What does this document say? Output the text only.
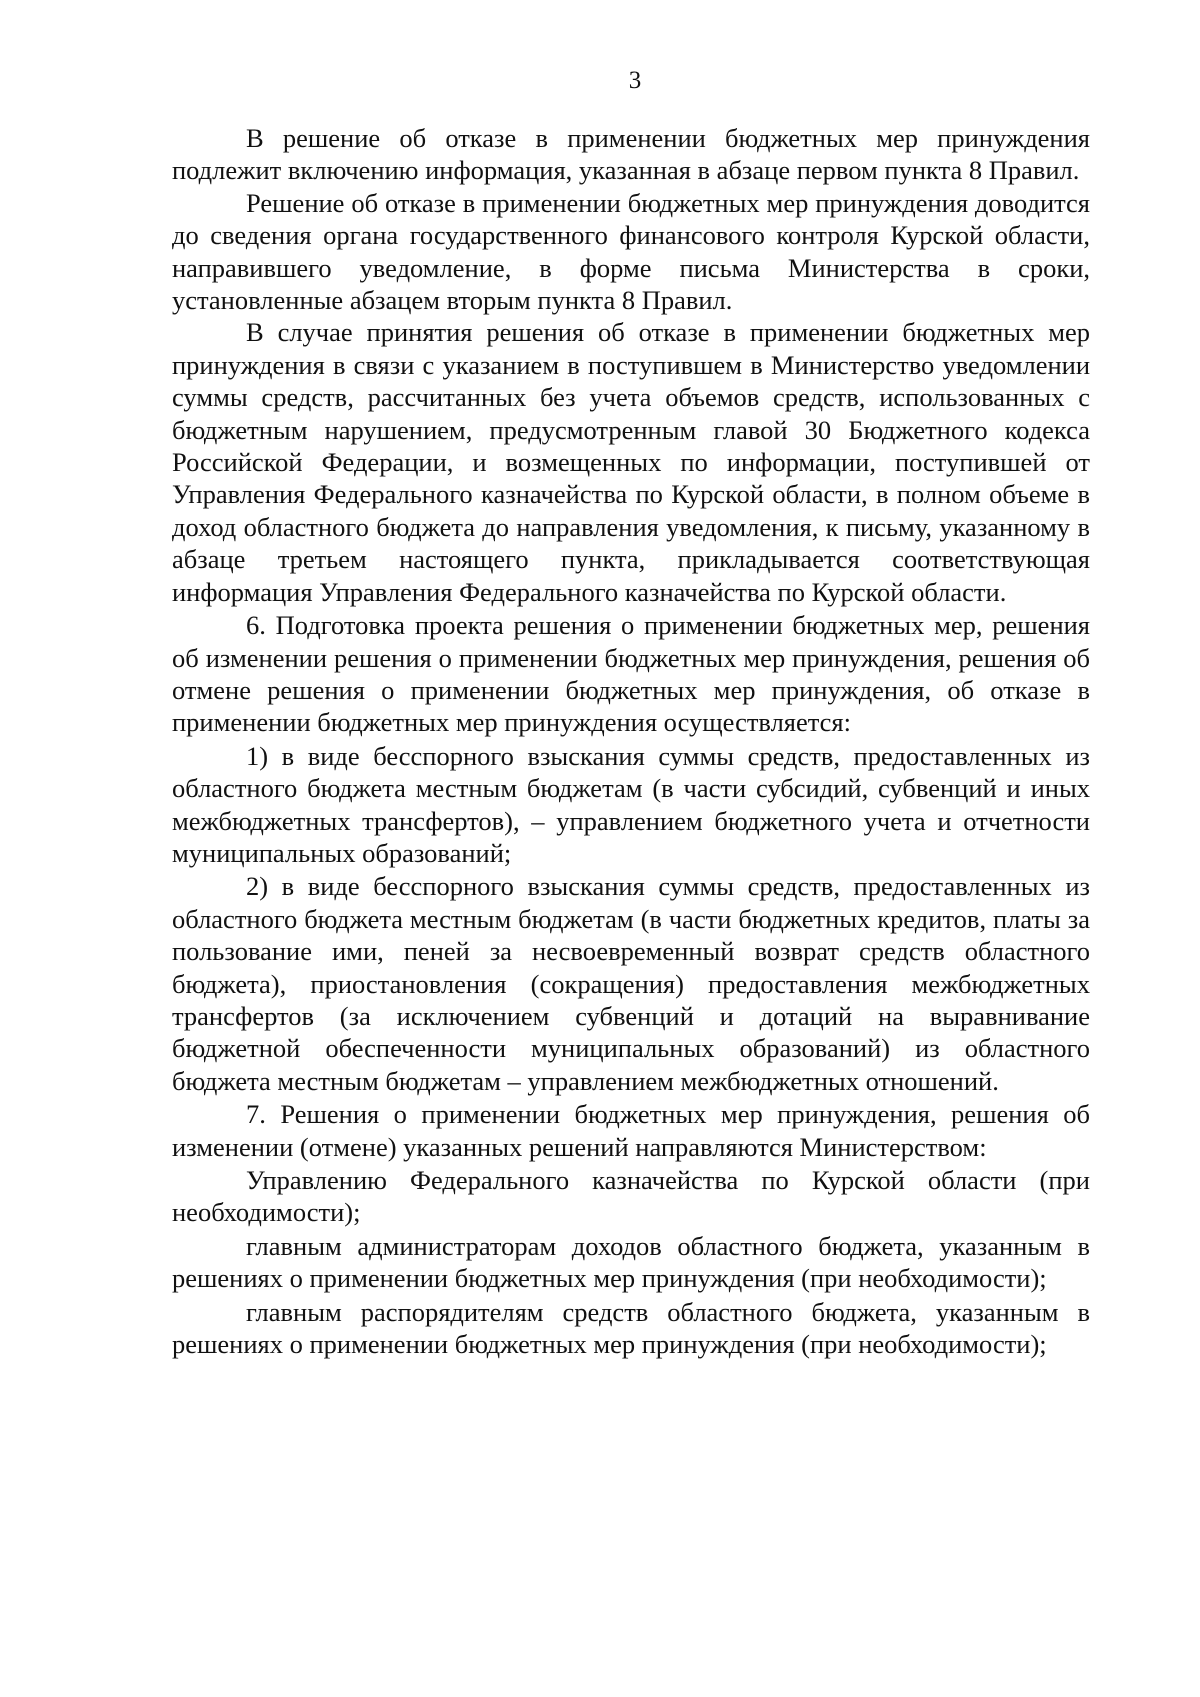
3

В решение об отказе в применении бюджетных мер принуждения подлежит включению информация, указанная в абзаце первом пункта 8 Правил.

Решение об отказе в применении бюджетных мер принуждения доводится до сведения органа государственного финансового контроля Курской области, направившего уведомление, в форме письма Министерства в сроки, установленные абзацем вторым пункта 8 Правил.

В случае принятия решения об отказе в применении бюджетных мер принуждения в связи с указанием в поступившем в Министерство уведомлении суммы средств, рассчитанных без учета объемов средств, использованных с бюджетным нарушением, предусмотренным главой 30 Бюджетного кодекса Российской Федерации, и возмещенных по информации, поступившей от Управления Федерального казначейства по Курской области, в полном объеме в доход областного бюджета до направления уведомления, к письму, указанному в абзаце третьем настоящего пункта, прикладывается соответствующая информация Управления Федерального казначейства по Курской области.

6. Подготовка проекта решения о применении бюджетных мер, решения об изменении решения о применении бюджетных мер принуждения, решения об отмене решения о применении бюджетных мер принуждения, об отказе в применении бюджетных мер принуждения осуществляется:

1) в виде бесспорного взыскания суммы средств, предоставленных из областного бюджета местным бюджетам (в части субсидий, субвенций и иных межбюджетных трансфертов), – управлением бюджетного учета и отчетности муниципальных образований;

2) в виде бесспорного взыскания суммы средств, предоставленных из областного бюджета местным бюджетам (в части бюджетных кредитов, платы за пользование ими, пеней за несвоевременный возврат средств областного бюджета), приостановления (сокращения) предоставления межбюджетных трансфертов (за исключением субвенций и дотаций на выравнивание бюджетной обеспеченности муниципальных образований) из областного бюджета местным бюджетам – управлением межбюджетных отношений.

7. Решения о применении бюджетных мер принуждения, решения об изменении (отмене) указанных решений направляются Министерством:

Управлению Федерального казначейства по Курской области (при необходимости);

главным администраторам доходов областного бюджета, указанным в решениях о применении бюджетных мер принуждения (при необходимости);

главным распорядителям средств областного бюджета, указанным в решениях о применении бюджетных мер принуждения (при необходимости);
